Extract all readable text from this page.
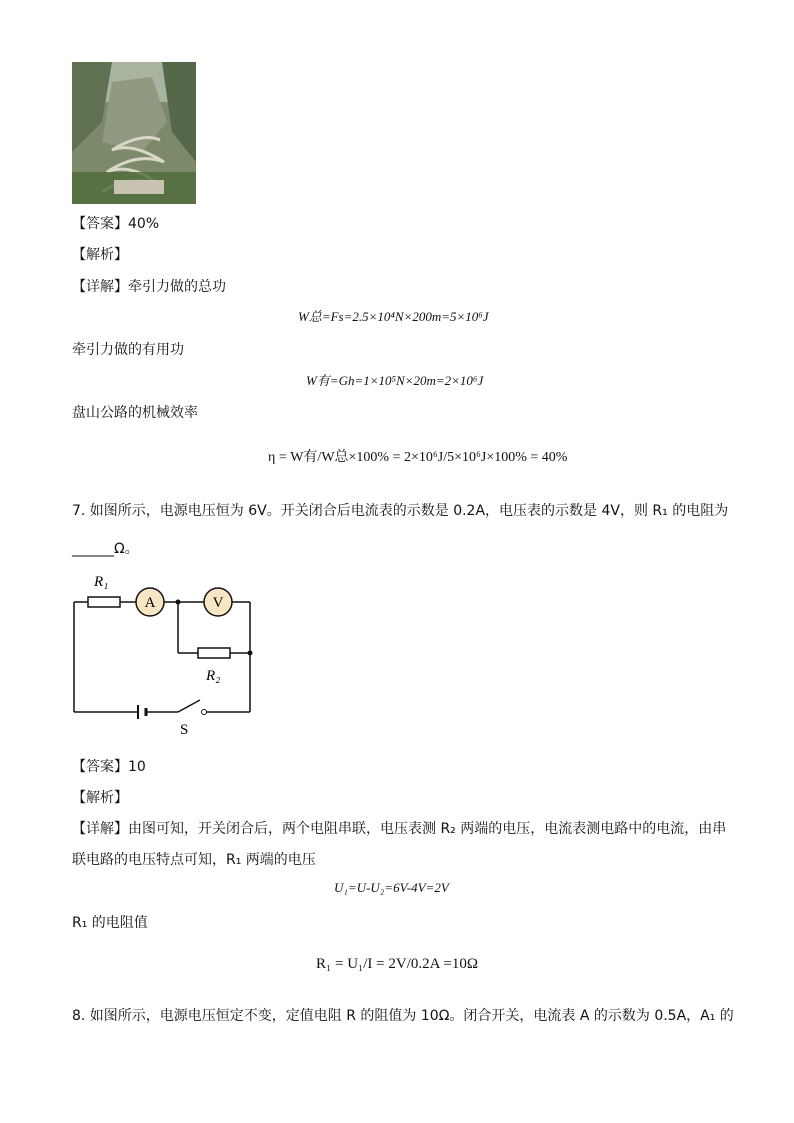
【答案】40%
【解析】
【详解】牵引力做的总功
W总=Fs=2.5×10⁴N×200m=5×10⁶J
牵引力做的有用功
W有=Gh=1×10⁵N×20m=2×10⁶J
盘山公路的机械效率
η = W有/W总×100% = 2×10⁶J/5×10⁶J×100% = 40%
7. 如图所示，电源电压恒为 6V。开关闭合后电流表的示数是 0.2A，电压表的示数是 4V，则 R₁ 的电阻为
______Ω。
R₁
A	V
R₂
S
【答案】10
【解析】
【详解】由图可知，开关闭合后，两个电阻串联，电压表测 R₂ 两端的电压，电流表测电路中的电流，由串
联电路的电压特点可知，R₁ 两端的电压
U₁=U-U₂=6V-4V=2V
R₁ 的电阻值
R₁ = U₁/I = 2V/0.2A =10Ω
8. 如图所示，电源电压恒定不变，定值电阻 R 的阻值为 10Ω。闭合开关，电流表 A 的示数为 0.5A，A₁ 的
